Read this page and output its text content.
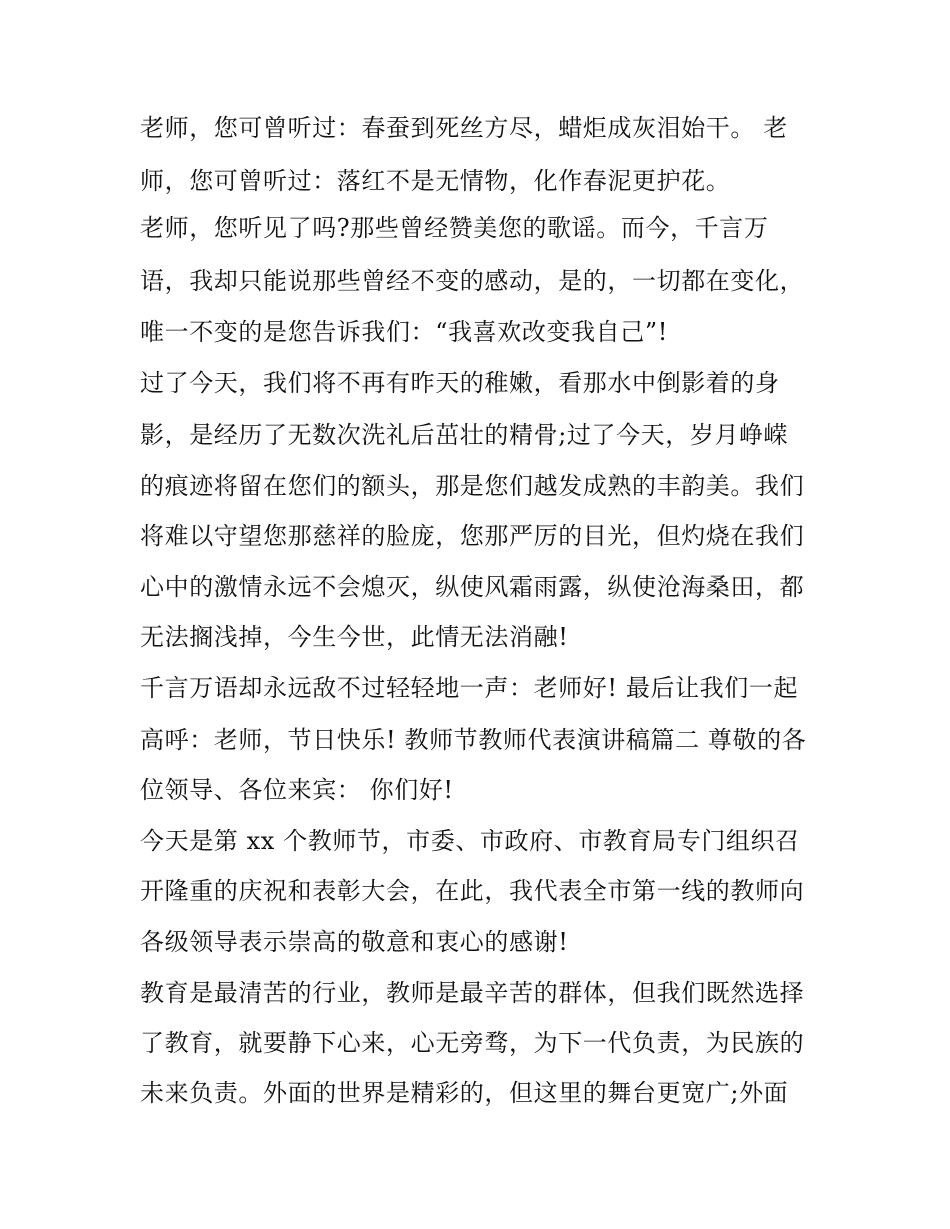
老师，您可曾听过：春蚕到死丝方尽，蜡炬成灰泪始干。 老
师，您可曾听过：落红不是无情物，化作春泥更护花。
老师，您听见了吗?那些曾经赞美您的歌谣。而今，千言万
语，我却只能说那些曾经不变的感动，是的，一切都在变化，
唯一不变的是您告诉我们：“我喜欢改变我自己”!
过了今天，我们将不再有昨天的稚嫩，看那水中倒影着的身
影，是经历了无数次洗礼后茁壮的精骨;过了今天，岁月峥嵘
的痕迹将留在您们的额头，那是您们越发成熟的丰韵美。我们
将难以守望您那慈祥的脸庞，您那严厉的目光，但灼烧在我们
心中的激情永远不会熄灭，纵使风霜雨露，纵使沧海桑田，都
无法搁浅掉，今生今世，此情无法消融!
千言万语却永远敌不过轻轻地一声：老师好! 最后让我们一起
高呼：老师，节日快乐! 教师节教师代表演讲稿篇二 尊敬的各
位领导、各位来宾： 你们好!
今天是第 xx 个教师节，市委、市政府、市教育局专门组织召
开隆重的庆祝和表彰大会，在此，我代表全市第一线的教师向
各级领导表示崇高的敬意和衷心的感谢!
教育是最清苦的行业，教师是最辛苦的群体，但我们既然选择
了教育，就要静下心来，心无旁骛，为下一代负责，为民族的
未来负责。外面的世界是精彩的，但这里的舞台更宽广;外面
